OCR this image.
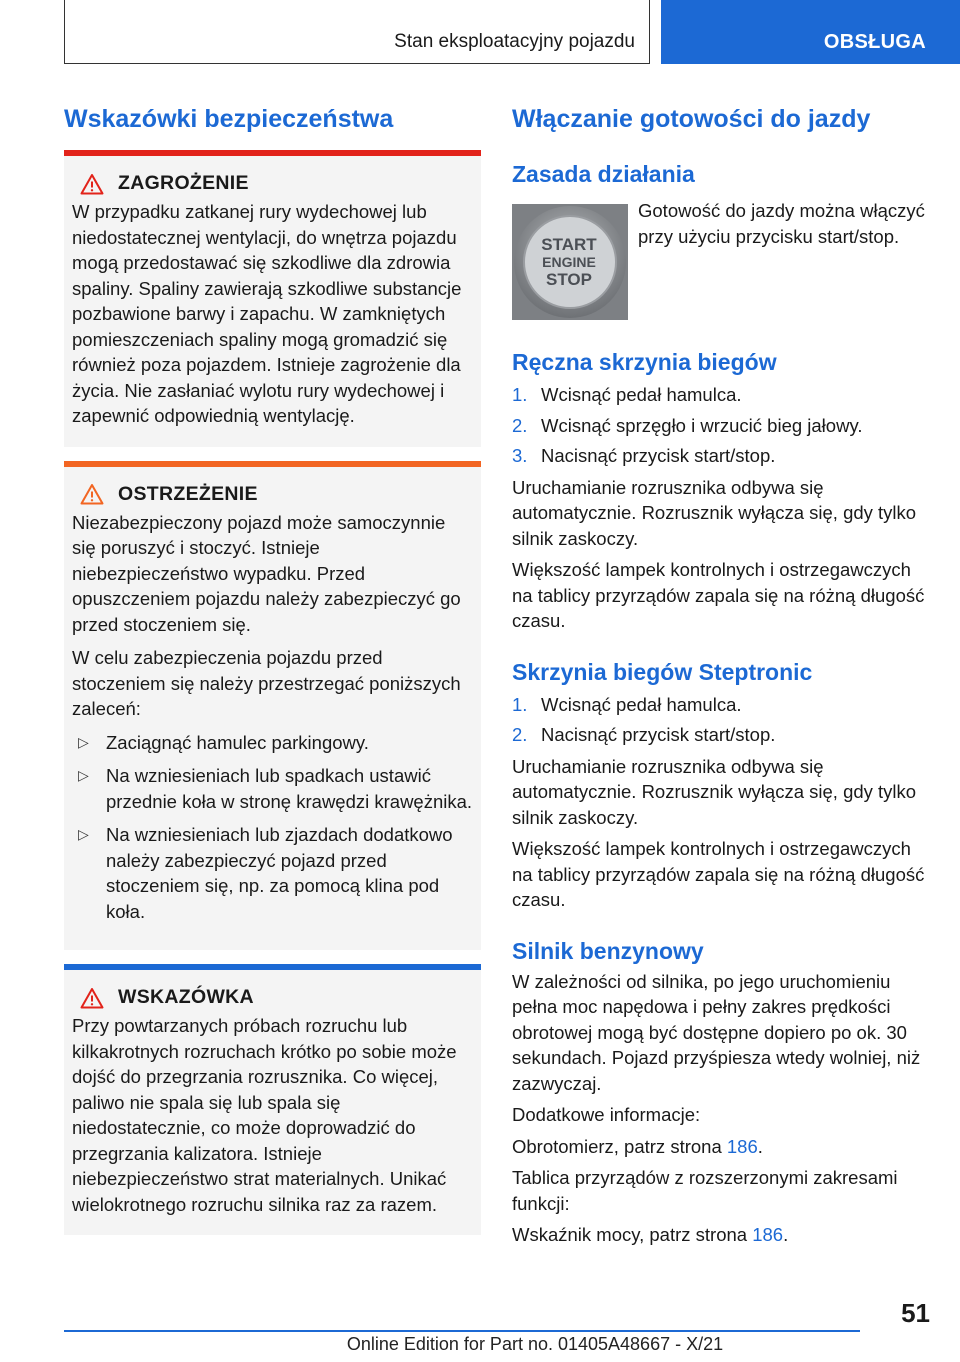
Stan eksploatacyjny pojazdu	OBSŁUGA
Wskazówki bezpieczeństwa
ZAGROŻENIE

W przypadku zatkanej rury wydechowej lub niedostatecznej wentylacji, do wnętrza pojazdu mogą przedostawać się szkodliwe dla zdrowia spaliny. Spaliny zawierają szkodliwe substancje pozbawione barwy i zapachu. W zamkniętych pomieszczeniach spaliny mogą gromadzić się również poza pojazdem. Istnieje zagrożenie dla życia. Nie zasłaniać wylotu rury wydechowej i zapewnić odpowiednią wentylację.

OSTRZEŻENIE

Niezabezpieczony pojazd może samoczynnie się poruszyć i stoczyć. Istnieje niebezpieczeństwo wypadku. Przed opuszczeniem pojazdu należy zabezpieczyć go przed stoczeniem się.

W celu zabezpieczenia pojazdu przed stoczeniem się należy przestrzegać poniższych zaleceń:

▷ Zaciągnąć hamulec parkingowy.
▷ Na wzniesieniach lub spadkach ustawić przednie koła w stronę krawędzi krawężnika.
▷ Na wzniesieniach lub zjazdach dodatkowo należy zabezpieczyć pojazd przed stoczeniem się, np. za pomocą klina pod koła.
WSKAZÓWKA

Przy powtarzanych próbach rozruchu lub kilkakrotnych rozruchach krótko po sobie może dojść do przegrzania rozrusznika. Co więcej, paliwo nie spala się lub spala się niedostatecznie, co może doprowadzić do przegrzania kalizatora. Istnieje niebezpieczeństwo strat materialnych. Unikać wielokrotnego rozruchu silnika raz za razem.

Włączanie gotowości do jazdy
Zasada działania
START
ENGINE
STOP

Gotowość do jazdy można włączyć przy użyciu przycisku start/stop.

Ręczna skrzynia biegów
1. Wcisnąć pedał hamulca.
2. Wcisnąć sprzęgło i wrzucić bieg jałowy.
3. Nacisnąć przycisk start/stop.

Uruchamianie rozrusznika odbywa się automatycznie. Rozrusznik wyłącza się, gdy tylko silnik zaskoczy.

Większość lampek kontrolnych i ostrzegawczych na tablicy przyrządów zapala się na różną długość czasu.

Skrzynia biegów Steptronic
1. Wcisnąć pedał hamulca.
2. Nacisnąć przycisk start/stop.

Uruchamianie rozrusznika odbywa się automatycznie. Rozrusznik wyłącza się, gdy tylko silnik zaskoczy.

Większość lampek kontrolnych i ostrzegawczych na tablicy przyrządów zapala się na różną długość czasu.

Silnik benzynowy

W zależności od silnika, po jego uruchomieniu pełna moc napędowa i pełny zakres prędkości obrotowej mogą być dostępne dopiero po ok. 30 sekundach. Pojazd przyśpiesza wtedy wolniej, niż zazwyczaj.

Dodatkowe informacje:

Obrotomierz, patrz strona 186.

Tablica przyrządów z rozszerzonymi zakresami funkcji:

Wskaźnik mocy, patrz strona 186.

51
Online Edition for Part no. 01405A48667 - X/21
